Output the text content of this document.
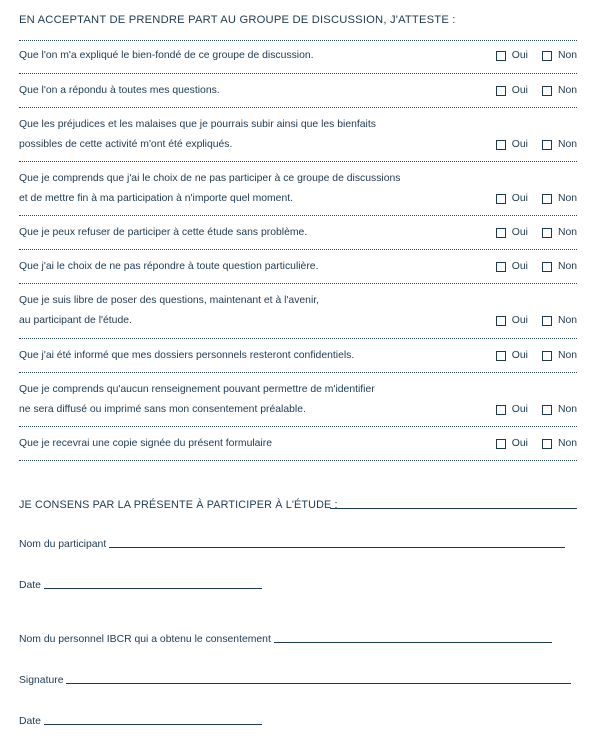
EN ACCEPTANT DE PRENDRE PART AU GROUPE DE DISCUSSION, J'ATTESTE :
Que l'on m'a expliqué le bien-fondé de ce groupe de discussion.	Oui	Non
Que l'on a répondu à toutes mes questions.	Oui	Non
Que les préjudices et les malaises que je pourrais subir ainsi que les bienfaits
possibles de cette activité m'ont été expliqués.	Oui	Non
Que je comprends que j'ai le choix de ne pas participer à ce groupe de discussions
et de mettre fin à ma participation à n'importe quel moment.	Oui	Non
Que je peux refuser de participer à cette étude sans problème.	Oui	Non
Que j'ai le choix de ne pas répondre à toute question particulière.	Oui	Non
Que je suis libre de poser des questions, maintenant et à l'avenir,
au participant de l'étude.	Oui	Non
Que j'ai été informé que mes dossiers personnels resteront confidentiels.	Oui	Non
Que je comprends qu'aucun renseignement pouvant permettre de m'identifier
ne sera diffusé ou imprimé sans mon consentement préalable.	Oui	Non
Que je recevrai une copie signée du présent formulaire	Oui	Non
JE CONSENS PAR LA PRÉSENTE À PARTICIPER À L'ÉTUDE :
Nom du participant
Date
Nom du personnel IBCR qui a obtenu le consentement
Signature
Date
